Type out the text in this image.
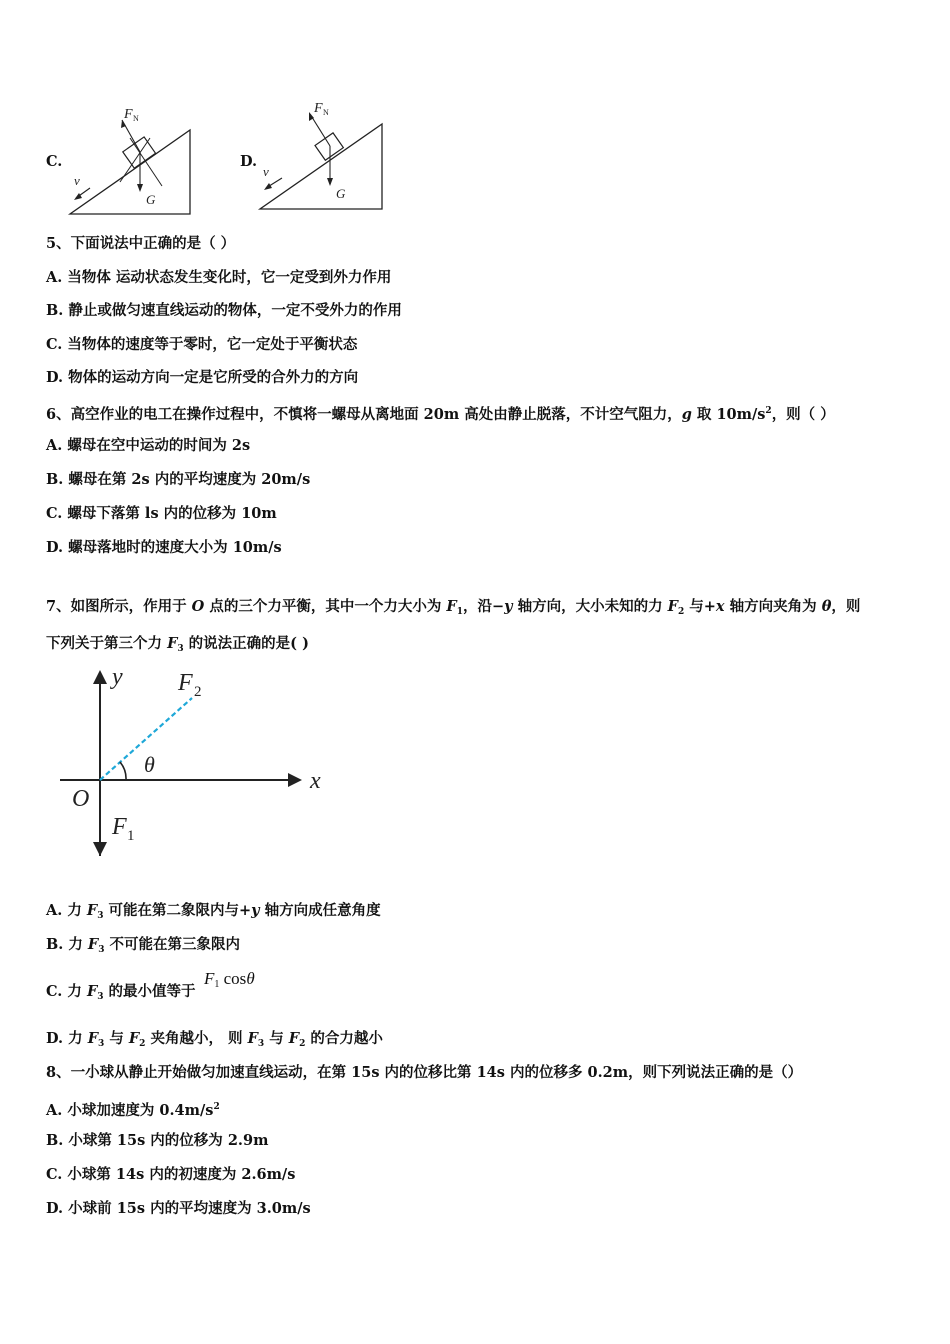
C.
F N
v
G
D.
F N
v
G
5、下面说法中正确的是（ ）
A. 当物体 运动状态发生变化时，它一定受到外力作用
B. 静止或做匀速直线运动的物体，一定不受外力的作用
C. 当物体的速度等于零时，它一定处于平衡状态
D. 物体的运动方向一定是它所受的合外力的方向
6、高空作业的电工在操作过程中，不慎将一螺母从离地面 20m 高处由静止脱落，不计空气阻力，g 取 $10m/s^2$，则（ ）
A. 螺母在空中运动的时间为 2s
B. 螺母在第 2s 内的平均速度为 20m/s
C. 螺母下落第 ls 内的位移为 10m
D. 螺母落地时的速度大小为 10m/s
7、如图所示，作用于 O 点的三个力平衡，其中一个力大小为 $F_1$，沿−y 轴方向，大小未知的力 $F_2$ 与+x 轴方向夹角为 θ，则
下列关于第三个力 $F_3$ 的说法正确的是( )
y
x
O
θ
F 1
F 2
A. 力 $F_3$ 可能在第二象限内与+y 轴方向成任意角度
B. 力 $F_3$ 不可能在第三象限内
C. 力 $F_3$ 的最小值等于
F1 cosθ
D. 力 $F_3$ 与 $F_2$ 夹角越小， 则 $F_3$ 与 $F_2$ 的合力越小
8、一小球从静止开始做匀加速直线运动，在第 15s 内的位移比第 14s 内的位移多 0.2m，则下列说法正确的是（）
A. 小球加速度为 $0.4m/s^2$
B. 小球第 15s 内的位移为 2.9m
C. 小球第 14s 内的初速度为 2.6m/s
D. 小球前 15s 内的平均速度为 3.0m/s
